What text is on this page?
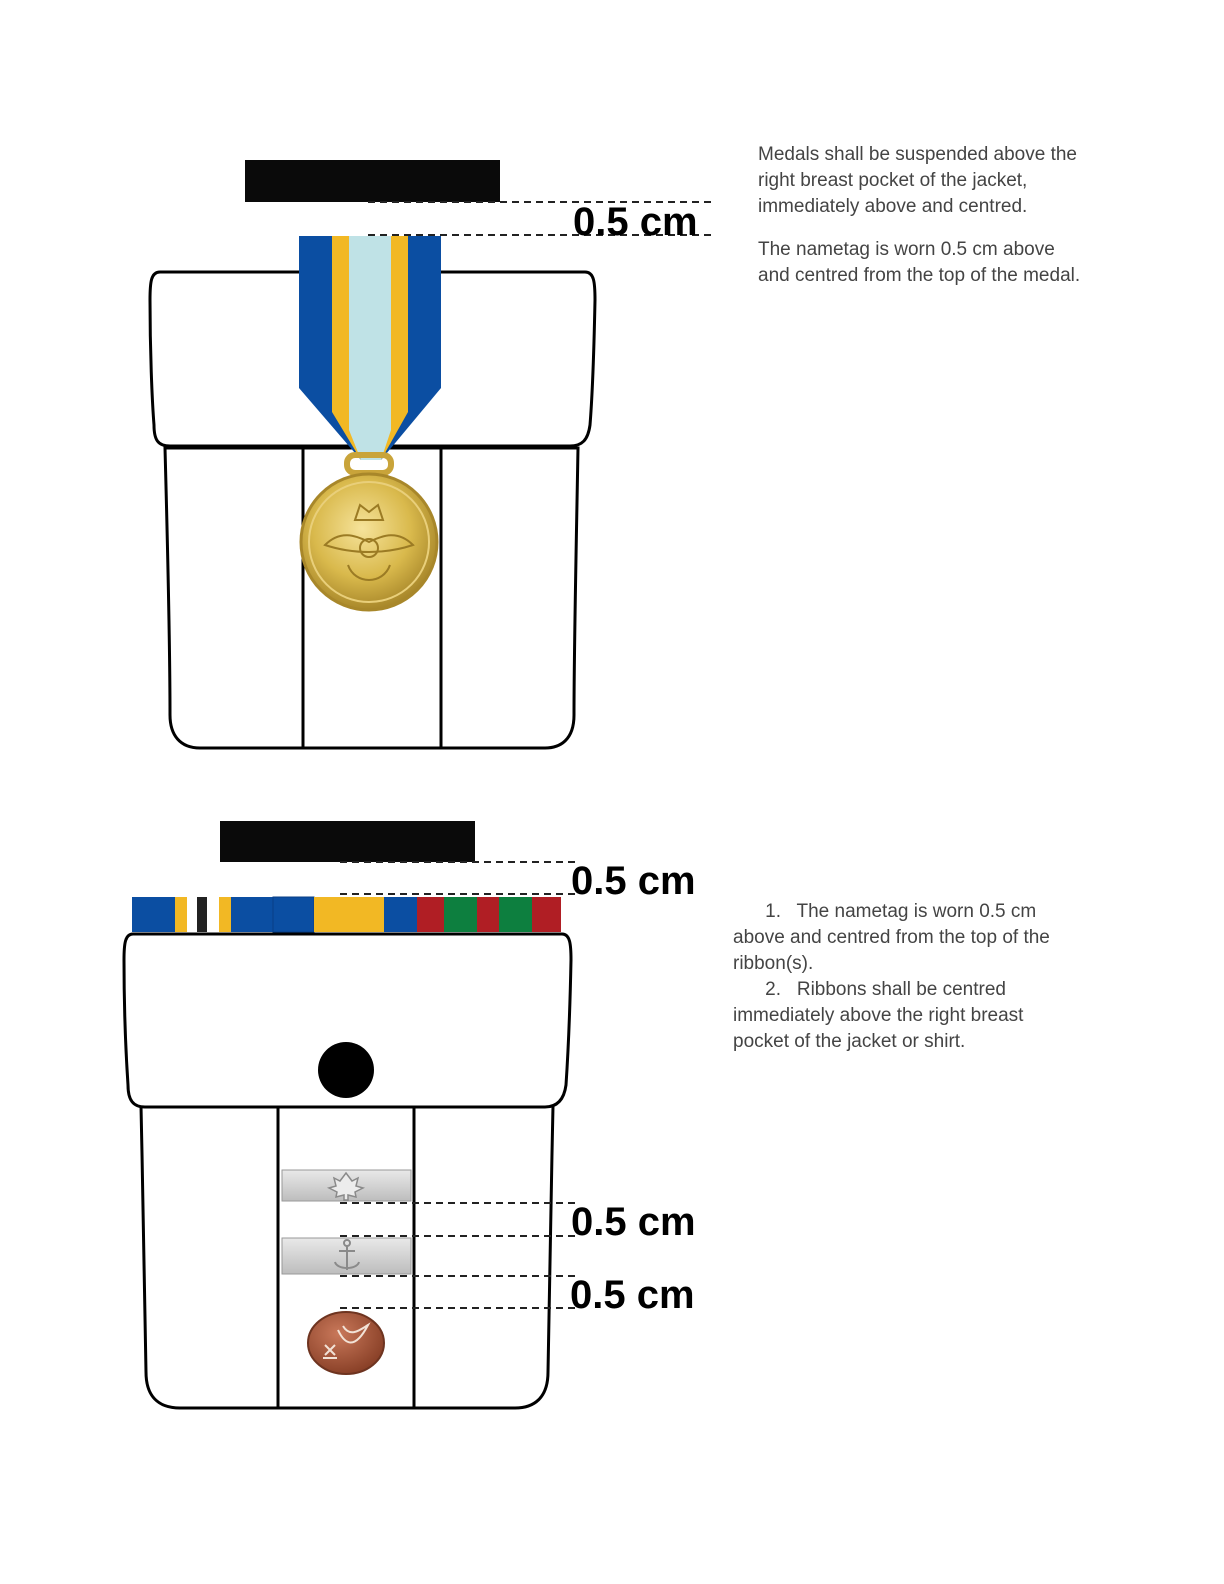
0.5 cm
0.5 cm
0.5 cm
0.5 cm

Medals shall be suspended above the right breast pocket of the jacket, immediately above and centred.

The nametag is worn 0.5 cm above and centred from the top of the medal.

1. The nametag is worn 0.5 cm above and centred from the top of the ribbon(s).
2. Ribbons shall be centred immediately above the right breast pocket of the jacket or shirt.
